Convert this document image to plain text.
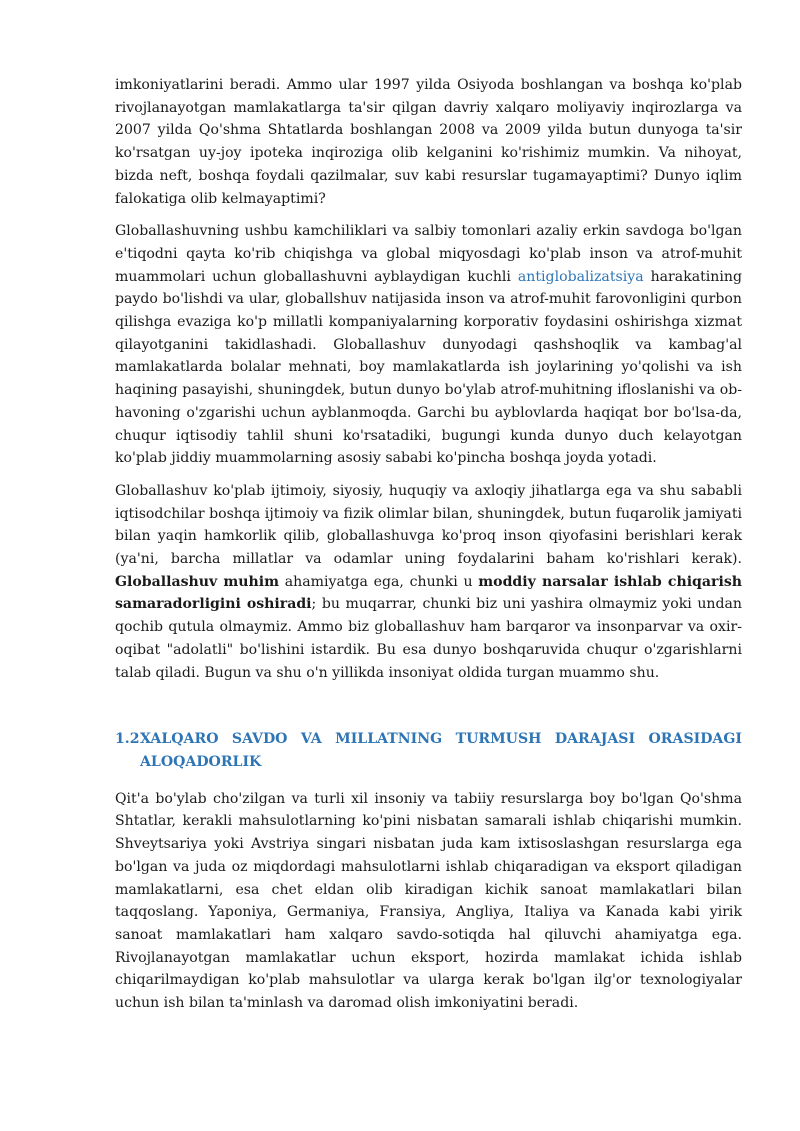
imkoniyatlarini beradi. Ammo ular 1997 yilda Osiyoda boshlangan va boshqa ko'plab rivojlanayotgan mamlakatlarga ta'sir qilgan davriy xalqaro moliyaviy inqirozlarga va 2007 yilda Qo'shma Shtatlarda boshlangan 2008 va 2009 yilda butun dunyoga ta'sir ko'rsatgan uy-joy ipoteka inqiroziga olib kelganini ko'rishimiz mumkin. Va nihoyat, bizda neft, boshqa foydali qazilmalar, suv kabi resurslar tugamayaptimi? Dunyo iqlim falokatiga olib kelmayaptimi?

Globallashuvning ushbu kamchiliklari va salbiy tomonlari azaliy erkin savdoga bo'lgan e'tiqodni qayta ko'rib chiqishga va global miqyosdagi ko'plab inson va atrof-muhit muammolari uchun globallashuvni ayblaydigan kuchli antiglobalizatsiya harakatining paydo bo'lishdi va ular, globallshuv natijasida inson va atrof-muhit farovonligini qurbon qilishga evaziga ko'p millatli kompaniyalarning korporativ foydasini oshirishga xizmat qilayotganini takidlashadi. Globallashuv dunyodagi qashshoqlik va kambag'al mamlakatlarda bolalar mehnati, boy mamlakatlarda ish joylarining yo'qolishi va ish haqining pasayishi, shuningdek, butun dunyo bo'ylab atrof-muhitning ifloslanishi va ob-havoning o'zgarishi uchun ayblanmoqda. Garchi bu ayblovlarda haqiqat bor bo'lsa-da, chuqur iqtisodiy tahlil shuni ko'rsatadiki, bugungi kunda dunyo duch kelayotgan ko'plab jiddiy muammolarning asosiy sababi ko'pincha boshqa joyda yotadi.

Globallashuv ko'plab ijtimoiy, siyosiy, huquqiy va axloqiy jihatlarga ega va shu sababli iqtisodchilar boshqa ijtimoiy va fizik olimlar bilan, shuningdek, butun fuqarolik jamiyati bilan yaqin hamkorlik qilib, globallashuvga ko'proq inson qiyofasini berishlari kerak (ya'ni, barcha millatlar va odamlar uning foydalarini baham ko'rishlari kerak). Globallashuv muhim ahamiyatga ega, chunki u moddiy narsalar ishlab chiqarish samaradorligini oshiradi; bu muqarrar, chunki biz uni yashira olmaymiz yoki undan qochib qutula olmaymiz. Ammo biz globallashuv ham barqaror va insonparvar va oxir-oqibat "adolatli" bo'lishini istardik. Bu esa dunyo boshqaruvida chuqur o'zgarishlarni talab qiladi. Bugun va shu o'n yillikda insoniyat oldida turgan muammo shu.

1.2 XALQARO SAVDO VA MILLATNING TURMUSH DARAJASI ORASIDAGI
ALOQADORLIK

Qit'a bo'ylab cho'zilgan va turli xil insoniy va tabiiy resurslarga boy bo'lgan Qo'shma Shtatlar, kerakli mahsulotlarning ko'pini nisbatan samarali ishlab chiqarishi mumkin. Shveytsariya yoki Avstriya singari nisbatan juda kam ixtisoslashgan resurslarga ega bo'lgan va juda oz miqdordagi mahsulotlarni ishlab chiqaradigan va eksport qiladigan mamlakatlarni, esa chet eldan olib kiradigan kichik sanoat mamlakatlari bilan taqqoslang. Yaponiya, Germaniya, Fransiya, Angliya, Italiya va Kanada kabi yirik sanoat mamlakatlari ham xalqaro savdo-sotiqda hal qiluvchi ahamiyatga ega. Rivojlanayotgan mamlakatlar uchun eksport, hozirda mamlakat ichida ishlab chiqarilmaydigan ko'plab mahsulotlar va ularga kerak bo'lgan ilg'or texnologiyalar uchun ish bilan ta'minlash va daromad olish imkoniyatini beradi.
